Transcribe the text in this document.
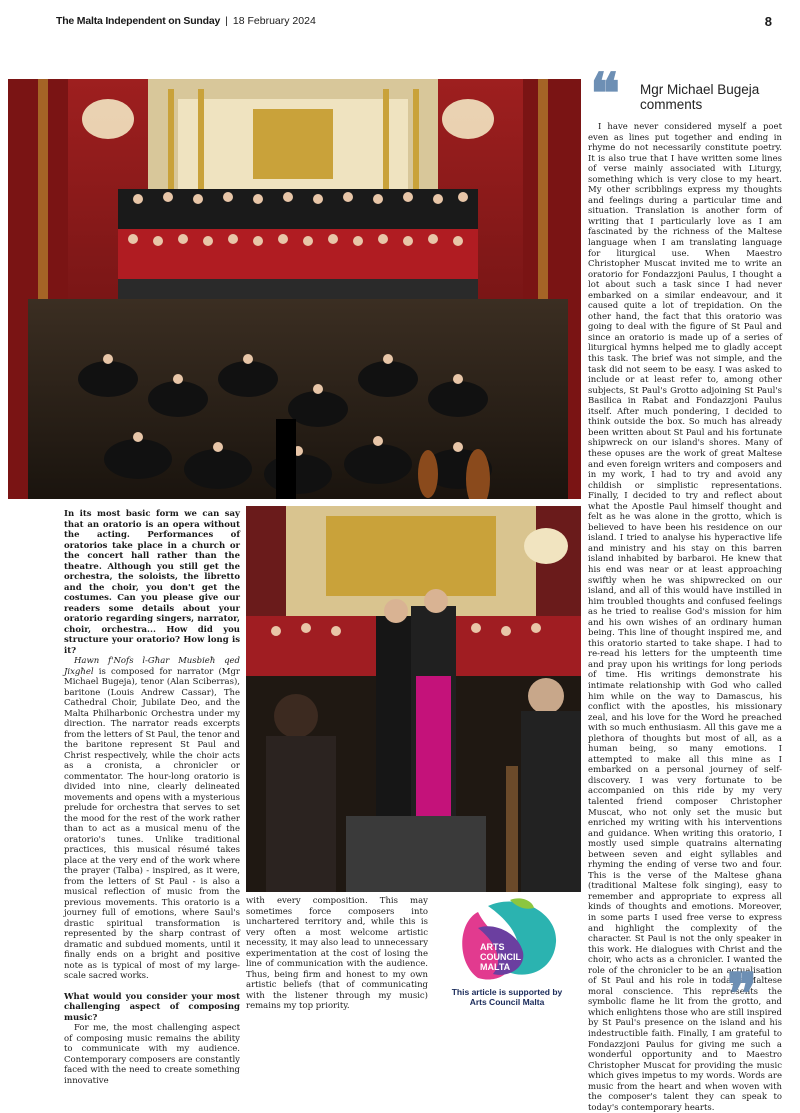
The Malta Independent on Sunday | 18 February 2024	8
❝ Mgr Michael Bugeja
comments

I have never considered myself a poet even as lines put together and ending in rhyme do not necessarily constitute poetry. It is also true that I have written some lines of verse mainly associated with Liturgy, something which is very close to my heart. My other scribblings express my thoughts and feelings during a particular time and situation. Translation is another form of writing that I particularly love as I am fascinated by the richness of the Maltese language when I am translating language for liturgical use. When Maestro Christopher Muscat invited me to write an oratorio for Fondazzjoni Paulus, I thought a lot about such a task since I had never embarked on a similar endeavour, and it caused quite a lot of trepidation. On the other hand, the fact that this oratorio was going to deal with the figure of St Paul and since an oratorio is made up of a series of liturgical hymns helped me to gladly accept this task. The brief was not simple, and the task did not seem to be easy. I was asked to include or at least refer to, among other subjects, St Paul's Grotto adjoining St Paul's Basilica in Rabat and Fondazzjoni Paulus itself. After much pondering, I decided to think outside the box. So much has already been written about St Paul and his fortunate shipwreck on our island's shores. Many of these opuses are the work of great Maltese and even foreign writers and composers and in my work, I had to try and avoid any childish or simplistic representations. Finally, I decided to try and reflect about what the Apostle Paul himself thought and felt as he was alone in the grotto, which is believed to have been his residence on our island. I tried to analyse his hyperactive life and ministry and his stay on this barren island inhabited by barbaroi. He knew that his end was near or at least approaching swiftly when he was shipwrecked on our island, and all of this would have instilled in him troubled thoughts and confused feelings as he tried to realise God's mission for him and his own wishes of an ordinary human being. This line of thought inspired me, and this oratorio started to take shape. I had to re-read his letters for the umpteenth time and pray upon his writings for long periods of time. His writings demonstrate his intimate relationship with God who called him while on the way to Damascus, his conflict with the apostles, his missionary zeal, and his love for the Word he preached with so much enthusiasm. All this gave me a plethora of thoughts but most of all, as a human being, so many emotions. I attempted to make all this mine as I embarked on a personal journey of self-discovery. I was very fortunate to be accompanied on this ride by my very talented friend composer Christopher Muscat, who not only set the music but enriched my writing with his interventions and guidance. When writing this oratorio, I mostly used simple quatrains alternating between seven and eight syllables and rhyming the ending of verse two and four. This is the verse of the Maltese għana (traditional Maltese folk singing), easy to remember and appropriate to express all kinds of thoughts and emotions. Moreover, in some parts I used free verse to express and highlight the complexity of the character. St Paul is not the only speaker in this work. He dialogues with Christ and the choir, who acts as a chronicler. I wanted the role of the chronicler to be an actualisation of St Paul and his role in today's Maltese moral conscience. This represents the symbolic flame he lit from the grotto, and which enlightens those who are still inspired by St Paul's presence on the island and his indestructible faith. Finally, I am grateful to Fondazzjoni Paulus for giving me such a wonderful opportunity and to Maestro Christopher Muscat for providing the music which gives impetus to my words. Words are music from the heart and when woven with the composer's talent they can speak to today's contemporary hearts.

❞

In its most basic form we can say that an oratorio is an opera without the acting. Performances of oratorios take place in a church or the concert hall rather than the theatre. Although you still get the orchestra, the soloists, the libretto and the choir, you don't get the costumes. Can you please give our readers some details about your oratorio regarding singers, narrator, choir, orchestra... How did you structure your oratorio? How long is it?

Hawn f'Nofs l-Għar Musbieħ qed Jixgħel is composed for narrator (Mgr Michael Bugeja), tenor (Alan Sciberras), baritone (Louis Andrew Cassar), The Cathedral Choir, Jubilate Deo, and the Malta Philharbonic Orchestra under my direction. The narrator reads excerpts from the letters of St Paul, the tenor and the baritone represent St Paul and Christ respectively, while the choir acts as a cronista, a chronicler or commentator. The hour-long oratorio is divided into nine, clearly delineated movements and opens with a mysterious prelude for orchestra that serves to set the mood for the rest of the work rather than to act as a musical menu of the oratorio's tunes. Unlike traditional practices, this musical résumé takes place at the very end of the work where the prayer (Talba) - inspired, as it were, from the letters of St Paul - is also a musical reflection of music from the previous movements. This oratorio is a journey full of emotions, where Saul's drastic spiritual transformation is represented by the sharp contrast of dramatic and subdued moments, until it finally ends on a bright and positive note as is typical of most of my large-scale sacred works.

What would you consider your most challenging aspect of composing music?

For me, the most challenging aspect of composing music remains the ability to communicate with my audience. Contemporary composers are constantly faced with the need to create something innovative

with every composition. This may sometimes force composers into unchartered territory and, while this is very often a most welcome artistic necessity, it may also lead to unnecessary experimentation at the cost of losing the line of communication with the audience. Thus, being firm and honest to my own artistic beliefs (that of communicating with the listener through my music) remains my top priority.

ARTS
COUNCIL
MALTA
This article is supported by
Arts Council Malta
